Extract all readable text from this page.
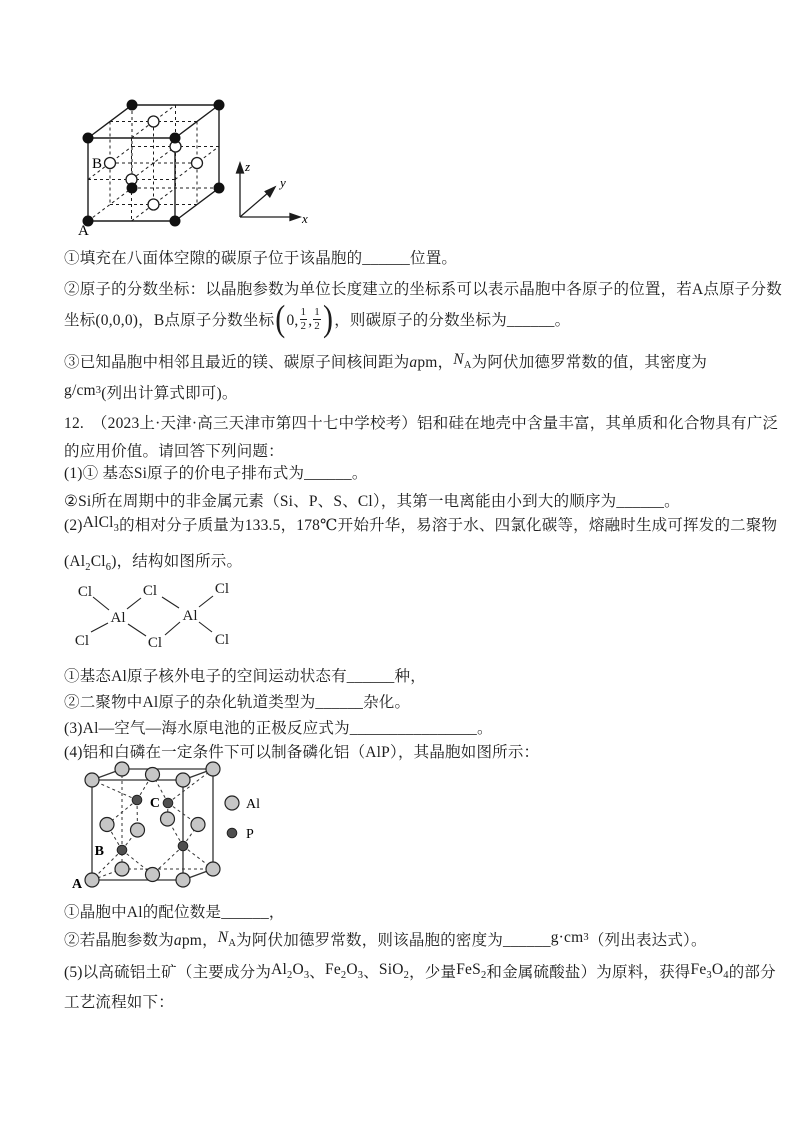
A
B	z
y
x
①填充在八面体空隙的碳原子位于该晶胞的______位置。
②原子的分数坐标：以晶胞参数为单位长度建立的坐标系可以表示晶胞中各原子的位置，若A点原子分数
坐标(0,0,0)，B点原子分数坐标(0, $\frac{1}{2}$ , $\frac{1}{2}$ )，则碳原子的分数坐标为______。
③已知晶胞中相邻且最近的镁、碳原子间核间距为apm，NA为阿伏加德罗常数的值，其密度为
$g/cm^3$(列出计算式即可)。
12.　（2023上·天津·高三天津市第四十七中学校考）铝和硅在地壳中含量丰富，其单质和化合物具有广泛
的应用价值。请回答下列问题：
(1)① 基态Si原子的价电子排布式为______。
②Si所在周期中的非金属元素（Si、P、S、Cl），其第一电离能由小到大的顺序为______。
(2)AlCl3的相对分子质量为133.5，178℃开始升华，易溶于水、四氯化碳等，熔融时生成可挥发的二聚物
$(Al_2Cl_6)$，结构如图所示。
Cl	Cl	Cl
Al	Al
Cl	Cl	Cl
①基态Al原子核外电子的空间运动状态有______种，
②二聚物中Al原子的杂化轨道类型为______杂化。
(3)Al—空气—海水原电池的正极反应式为________________。
(4)铝和白磷在一定条件下可以制备磷化铝（AlP），其晶胞如图所示：
A
B
C	Al
P
①晶胞中Al的配位数是______，
②若晶胞参数为apm，NA为阿伏加德罗常数，则该晶胞的密度为$\_\_\_\_\_\_g\cdot cm^3$（列出表达式）。
(5)以高硫铝土矿（主要成分为Al2O3、Fe2O3、SiO2，少量FeS2和金属硫酸盐）为原料，获得Fe3O4的部分
工艺流程如下：
